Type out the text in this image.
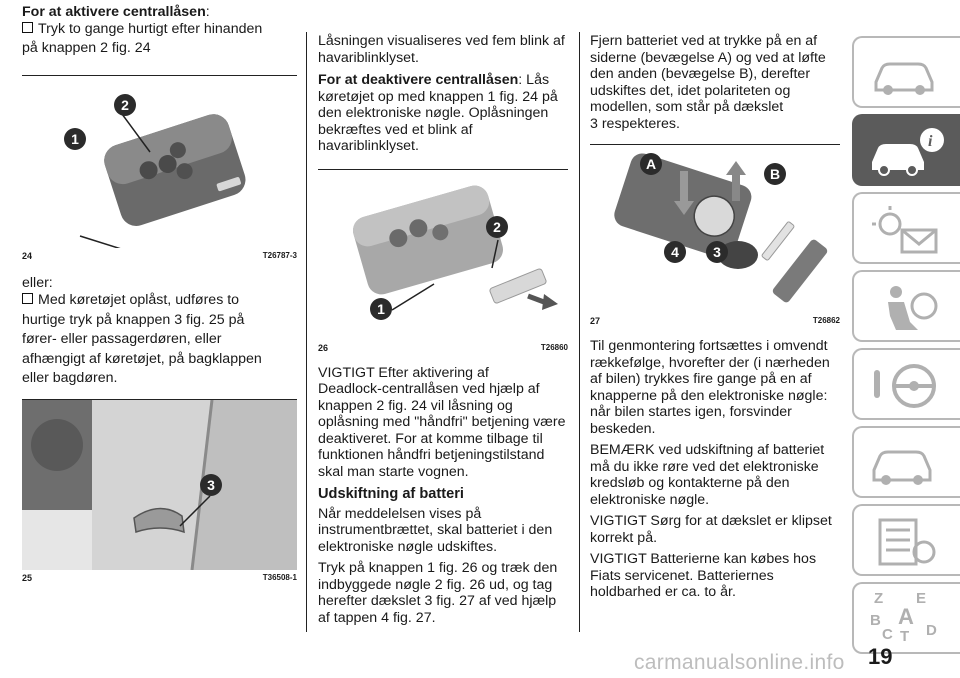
For at aktivere centrallåsen:

Tryk to gange hurtigt efter hinanden

på knappen 2 fig. 24

2
1
24	T26787-3

eller:

Med køretøjet oplåst, udføres to

hurtige tryk på knappen 3 fig. 25 på

fører- eller passagerdøren, eller

afhængigt af køretøjet, på bagklappen

eller bagdøren.

3
25	T36508-1

Låsningen visualiseres ved fem blink af

havariblinklyset.

For at deaktivere centrallåsen: Lås

køretøjet op med knappen 1 fig. 24 på

den elektroniske nøgle. Oplåsningen

bekræftes ved et blink af

havariblinklyset.

2
1
26	T26860

VIGTIGT Efter aktivering af

Deadlock-centrallåsen ved hjælp af

knappen 2 fig. 24 vil låsning og

oplåsning med "håndfri" betjening være

deaktiveret. For at komme tilbage til

funktionen håndfri betjeningstilstand

skal man starte vognen.

Udskiftning af batteri

Når meddelelsen vises på

instrumentbrættet, skal batteriet i den

elektroniske nøgle udskiftes.

Tryk på knappen 1 fig. 26 og træk den

indbyggede nøgle 2 fig. 26 ud, og tag

herefter dækslet 3 fig. 27 af ved hjælp

af tappen 4 fig. 27.

Fjern batteriet ved at trykke på en af

siderne (bevægelse A) og ved at løfte

den anden (bevægelse B), derefter

udskiftes det, idet polariteten og

modellen, som står på dækslet

3 respekteres.

A
B
4	3
27	T26862

Til genmontering fortsættes i omvendt

rækkefølge, hvorefter der (i nærheden

af bilen) trykkes fire gange på en af

knapperne på den elektroniske nøgle:

når bilen startes igen, forsvinder

beskeden.

BEMÆRK ved udskiftning af batteriet

må du ikke røre ved det elektroniske

kredsløb og kontakterne på den

elektroniske nøgle.

VIGTIGT Sørg for at dækslet er klipset

korrekt på.

VIGTIGT Batterierne kan købes hos

Fiats servicenet. Batteriernes

holdbarhed er ca. to år.

i
Z E
A
B
C D
T
19
carmanualsonline.info
